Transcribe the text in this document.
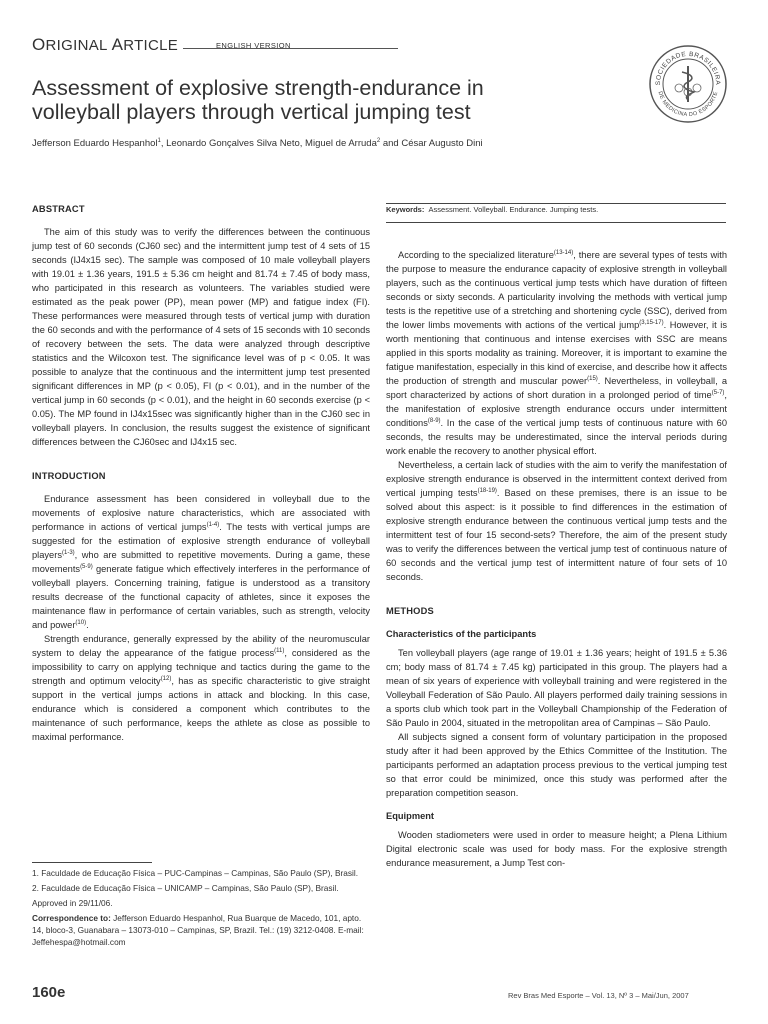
ORIGINAL ARTICLE	ENGLISH VERSION
SOCIEDADE BRASILEIRA
DE MEDICINA DO ESPORTE
Assessment of explosive strength-endurance in
volleyball players through vertical jumping test
Jefferson Eduardo Hespanhol$^1$, Leonardo Gonçalves Silva Neto, Miguel de Arruda$^2$ and César Augusto Dini
ABSTRACT

The aim of this study was to verify the differences between the continuous jump test of 60 seconds (CJ60 sec) and the intermittent jump test of 4 sets of 15 seconds (IJ4x15 sec). The sample was composed of 10 male volleyball players with 19.01 ± 1.36 years, 191.5 ± 5.36 cm height and 81.74 ± 7.45 of body mass, who participated in this research as volunteers. The variables studied were estimated as the peak power (PP), mean power (MP) and fatigue index (FI). These performances were measured through tests of vertical jump with duration the 60 seconds and with the performance of 4 sets of 15 seconds with 10 seconds of recovery between the sets. The data were analyzed through descriptive statistics and the Wilcoxon test. The significance level was of p < 0.05. It was possible to analyze that the continuous and the intermittent jump test presented significant differences in MP (p < 0.05), FI (p < 0.01), and in the number of the vertical jump in 60 seconds (p < 0.01), and the height in 60 seconds exercise (p < 0.05). The MP found in IJ4x15sec was significantly higher than in the CJ60 sec in volleyball players. In conclusion, the results suggest the existence of significant differences between the CJ60sec and IJ4x15 sec.

INTRODUCTION

Endurance assessment has been considered in volleyball due to the movements of explosive nature characteristics, which are associated with performance in actions of vertical jumps$^{(1-4)}$. The tests with vertical jumps are suggested for the estimation of explosive strength endurance of volleyball players$^{(1-3)}$, who are submitted to repetitive movements. During a game, these movements$^{(5-9)}$ generate fatigue which effectively interferes in the performance of volleyball players. Concerning training, fatigue is understood as a transitory results decrease of the functional capacity of athletes, since it exposes the maintenance flaw in performance of certain variables, such as strength, velocity and power$^{(10)}$.

Strength endurance, generally expressed by the ability of the neuromuscular system to delay the appearance of the fatigue process$^{(11)}$, considered as the impossibility to carry on applying technique and tactics during the game to the strength and optimum velocity$^{(12)}$, has as specific characteristic to give straight support in the vertical jumps actions in attack and blocking. In this case, endurance which is considered a component which contributes to the maintenance of such performance, keeps the athlete as close as possible to maximal performance.

Keywords: Assessment. Volleyball. Endurance. Jumping tests.

According to the specialized literature$^{(13-14)}$, there are several types of tests with the purpose to measure the endurance capacity of explosive strength in volleyball players, such as the continuous vertical jump tests which have duration of fifteen seconds or sixty seconds. A particularity involving the methods with vertical jump tests is the repetitive use of a stretching and shortening cycle (SSC), derived from the lower limbs movements with actions of the vertical jump$^{(3,15-17)}$. However, it is worth mentioning that continuous and intense exercises with SSC are means applied in this sports modality as training. Moreover, it is important to examine the fatigue manifestation, especially in this kind of exercise, and describe how it affects the production of strength and muscular power$^{(15)}$. Nevertheless, in volleyball, a sport characterized by actions of short duration in a prolonged period of time$^{(5-7)}$, the manifestation of explosive strength endurance occurs under intermittent conditions$^{(8-9)}$. In the case of the vertical jump tests of continuous nature with 60 seconds, the results may be underestimated, since the interval periods during work enable the recovery to another physical effort.

Nevertheless, a certain lack of studies with the aim to verify the manifestation of explosive strength endurance is observed in the intermittent context derived from vertical jumping tests$^{(18-19)}$. Based on these premises, there is an issue to be solved about this aspect: is it possible to find differences in the estimation of explosive strength endurance between the continuous vertical jump tests and the intermittent test of four 15 second-sets? Therefore, the aim of the present study was to verify the differences between the vertical jump test of continuous nature of 60 seconds and the vertical jump test of intermittent nature of four sets of 10 seconds.

METHODS
Characteristics of the participants

Ten volleyball players (age range of 19.01 ± 1.36 years; height of 191.5 ± 5.36 cm; body mass of 81.74 ± 7.45 kg) participated in this group. The players had a mean of six years of experience with volleyball training and were registered in the Volleyball Federation of São Paulo. All players performed daily training sessions in a sports club which took part in the Volleyball Championship of the Federation of São Paulo in 2004, situated in the metropolitan area of Campinas – São Paulo.

All subjects signed a consent form of voluntary participation in the proposed study after it had been approved by the Ethics Committee of the Institution. The participants performed an adaptation process previous to the vertical jumping test so that error could be minimized, once this study was performed after the preparation competition season.

Equipment

Wooden stadiometers were used in order to measure height; a Plena Lithium Digital electronic scale was used for body mass. For the explosive strength endurance measurement, a Jump Test con-

1. Faculdade de Educação Física – PUC-Campinas – Campinas, São Paulo (SP), Brasil.
2. Faculdade de Educação Física – UNICAMP – Campinas, São Paulo (SP), Brasil.
Approved in 29/11/06.
Correspondence to: Jefferson Eduardo Hespanhol, Rua Buarque de Macedo, 101, apto. 14, bloco-3, Guanabara – 13073-010 – Campinas, SP, Brazil. Tel.: (19) 3212-0408. E-mail: Jeffehespa@hotmail.com
160e	Rev Bras Med Esporte – Vol. 13, Nº 3 – Mai/Jun, 2007
